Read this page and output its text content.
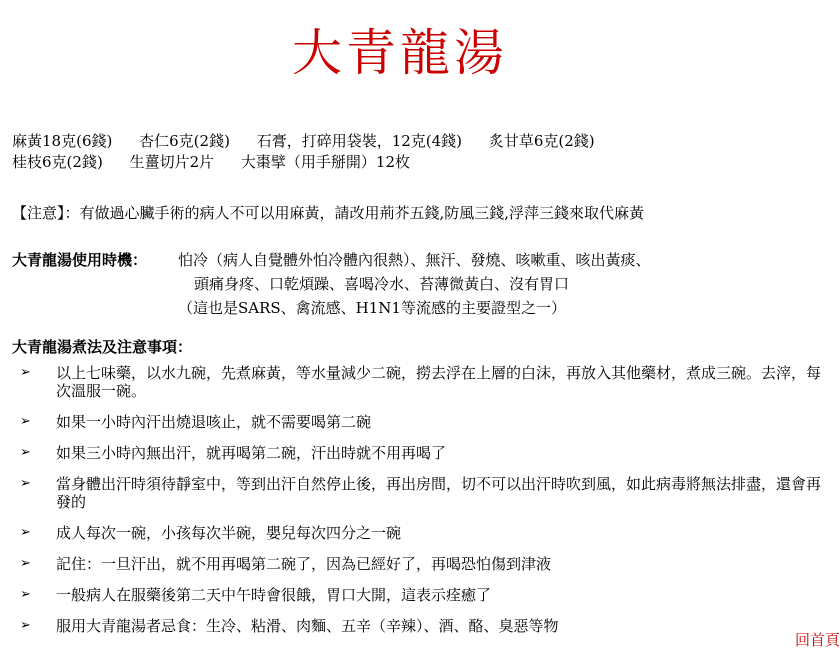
大青龍湯
麻黃18克(6錢) 杏仁6克(2錢) 石膏，打碎用袋裝，12克(4錢) 炙甘草6克(2錢)
桂枝6克(2錢) 生薑切片2片 大棗擘（用手掰開）12枚
【注意】：有做過心臟手術的病人不可以用麻黃，請改用荊芥五錢,防風三錢,浮萍三錢來取代麻黃
大青龍湯使用時機： 怕冷（病人自覺體外怕冷體內很熱）、無汗、發燒、咳嗽重、咳出黃痰、
頭痛身疼、口乾煩躁、喜喝冷水、苔薄微黃白、沒有胃口
（這也是SARS、禽流感、H1N1等流感的主要證型之一）
大青龍湯煮法及注意事項：
➢ 以上七味藥，以水九碗，先煮麻黃，等水量減少二碗，撈去浮在上層的白沫，再放入其他藥材，煮成三碗。去滓，每次溫服一碗。
➢ 如果一小時內汗出燒退咳止，就不需要喝第二碗
➢ 如果三小時內無出汗，就再喝第二碗，汗出時就不用再喝了
➢ 當身體出汗時須待靜室中，等到出汗自然停止後，再出房間，切不可以出汗時吹到風，如此病毒將無法排盡，還會再發的
➢ 成人每次一碗，小孩每次半碗，嬰兒每次四分之一碗
➢ 記住：一旦汗出，就不用再喝第二碗了，因為已經好了，再喝恐怕傷到津液
➢ 一般病人在服藥後第二天中午時會很餓，胃口大開，這表示痊癒了
➢ 服用大青龍湯者忌食：生冷、粘滑、肉麵、五辛（辛辣）、酒、酪、臭惡等物
回首頁
